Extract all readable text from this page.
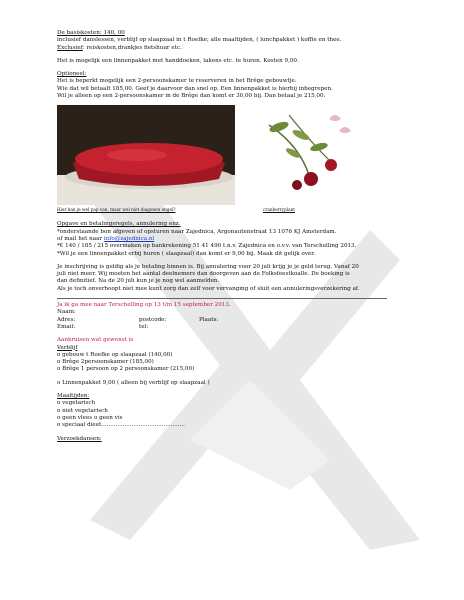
De basiskosten: 140, 00

inclusief danslessen, verblijf op slaapzaal in t Roefke; alle maaltijden, ( lunchpakket ) koffie en thee.

Exclusief: reiskosten,drankjes fietshuur etc.

Het is mogelijk een linnenpakket met handdoeken, lakens etc. te huren. Kosten 9,00.

Optioneel:

Het is beperkt mogelijk een 2-persoonskamer te reserveren in het Brêge gebouwtje.

Wie dat wil betaalt 185,00. Geef je daarvoor dan snel op. Een linnenpakket is hierbij inbegrepen.

Wil je alleen op een 2-persoonskamer in de Brêge dan komt er 30,00 bij. Dan betaal je 215,00.

Hier kan je wel pap van, maar wel niet diagonen engel?	cranberryplant

Opgave en betalingsregels, annulering enz.

*onderstaande bon afgeven of opsturen naar Zajednica, Argonautenstraat 13 1076 KJ Amsterdam.

of mail het naar info@zajednica.nl

*€ 140 / 185 / 215 overmaken op bankrekening 51 41 490 t.n.v. Zajednica en o.v.v. van Terschelling 2013.

*Wil je een linnenpakket erbij huren ( slaapzaal) dan komt er 9,00 bij. Maak dit gelijk over.

Je inschrijving is geldig als je betaling binnen is. Bij annulering voor 20 juli krijg je je geld terug. Vanaf 20

juli niet meer. Wij moeten het aantal deelnemers dan doorgeven aan de Folksfeestkoalle. De boeking is

dan definitief. Na de 20 juli kun je je nog wel aanmelden.

Als je toch onverhoopt niet mee kunt zorg dan zelf voor vervanging of sluit een annuleringsverzekering af.

Ja ik ga mee naar Terschelling op 13 t/m 15 september 2013.

Naam:

Adres:	postcode:	Plaats:
Email:	tel:

Aankruisen wat gewenst is

Verblijf

o gebouw t Roefke op slaapzaal (140,00)

o Brêge 2persoonskamer (185,00)

o Brêge 1 persoon op 2 persoonskamer (215,00)

o Linnenpakket 9,00 ( alleen bij verblijf op slaapzaal )

Maaltijden:

o vegetarisch

o niet vegetarisch

o geen vlees o geen vis

o speciaal dieet...............................................

Verzoekdansen:
